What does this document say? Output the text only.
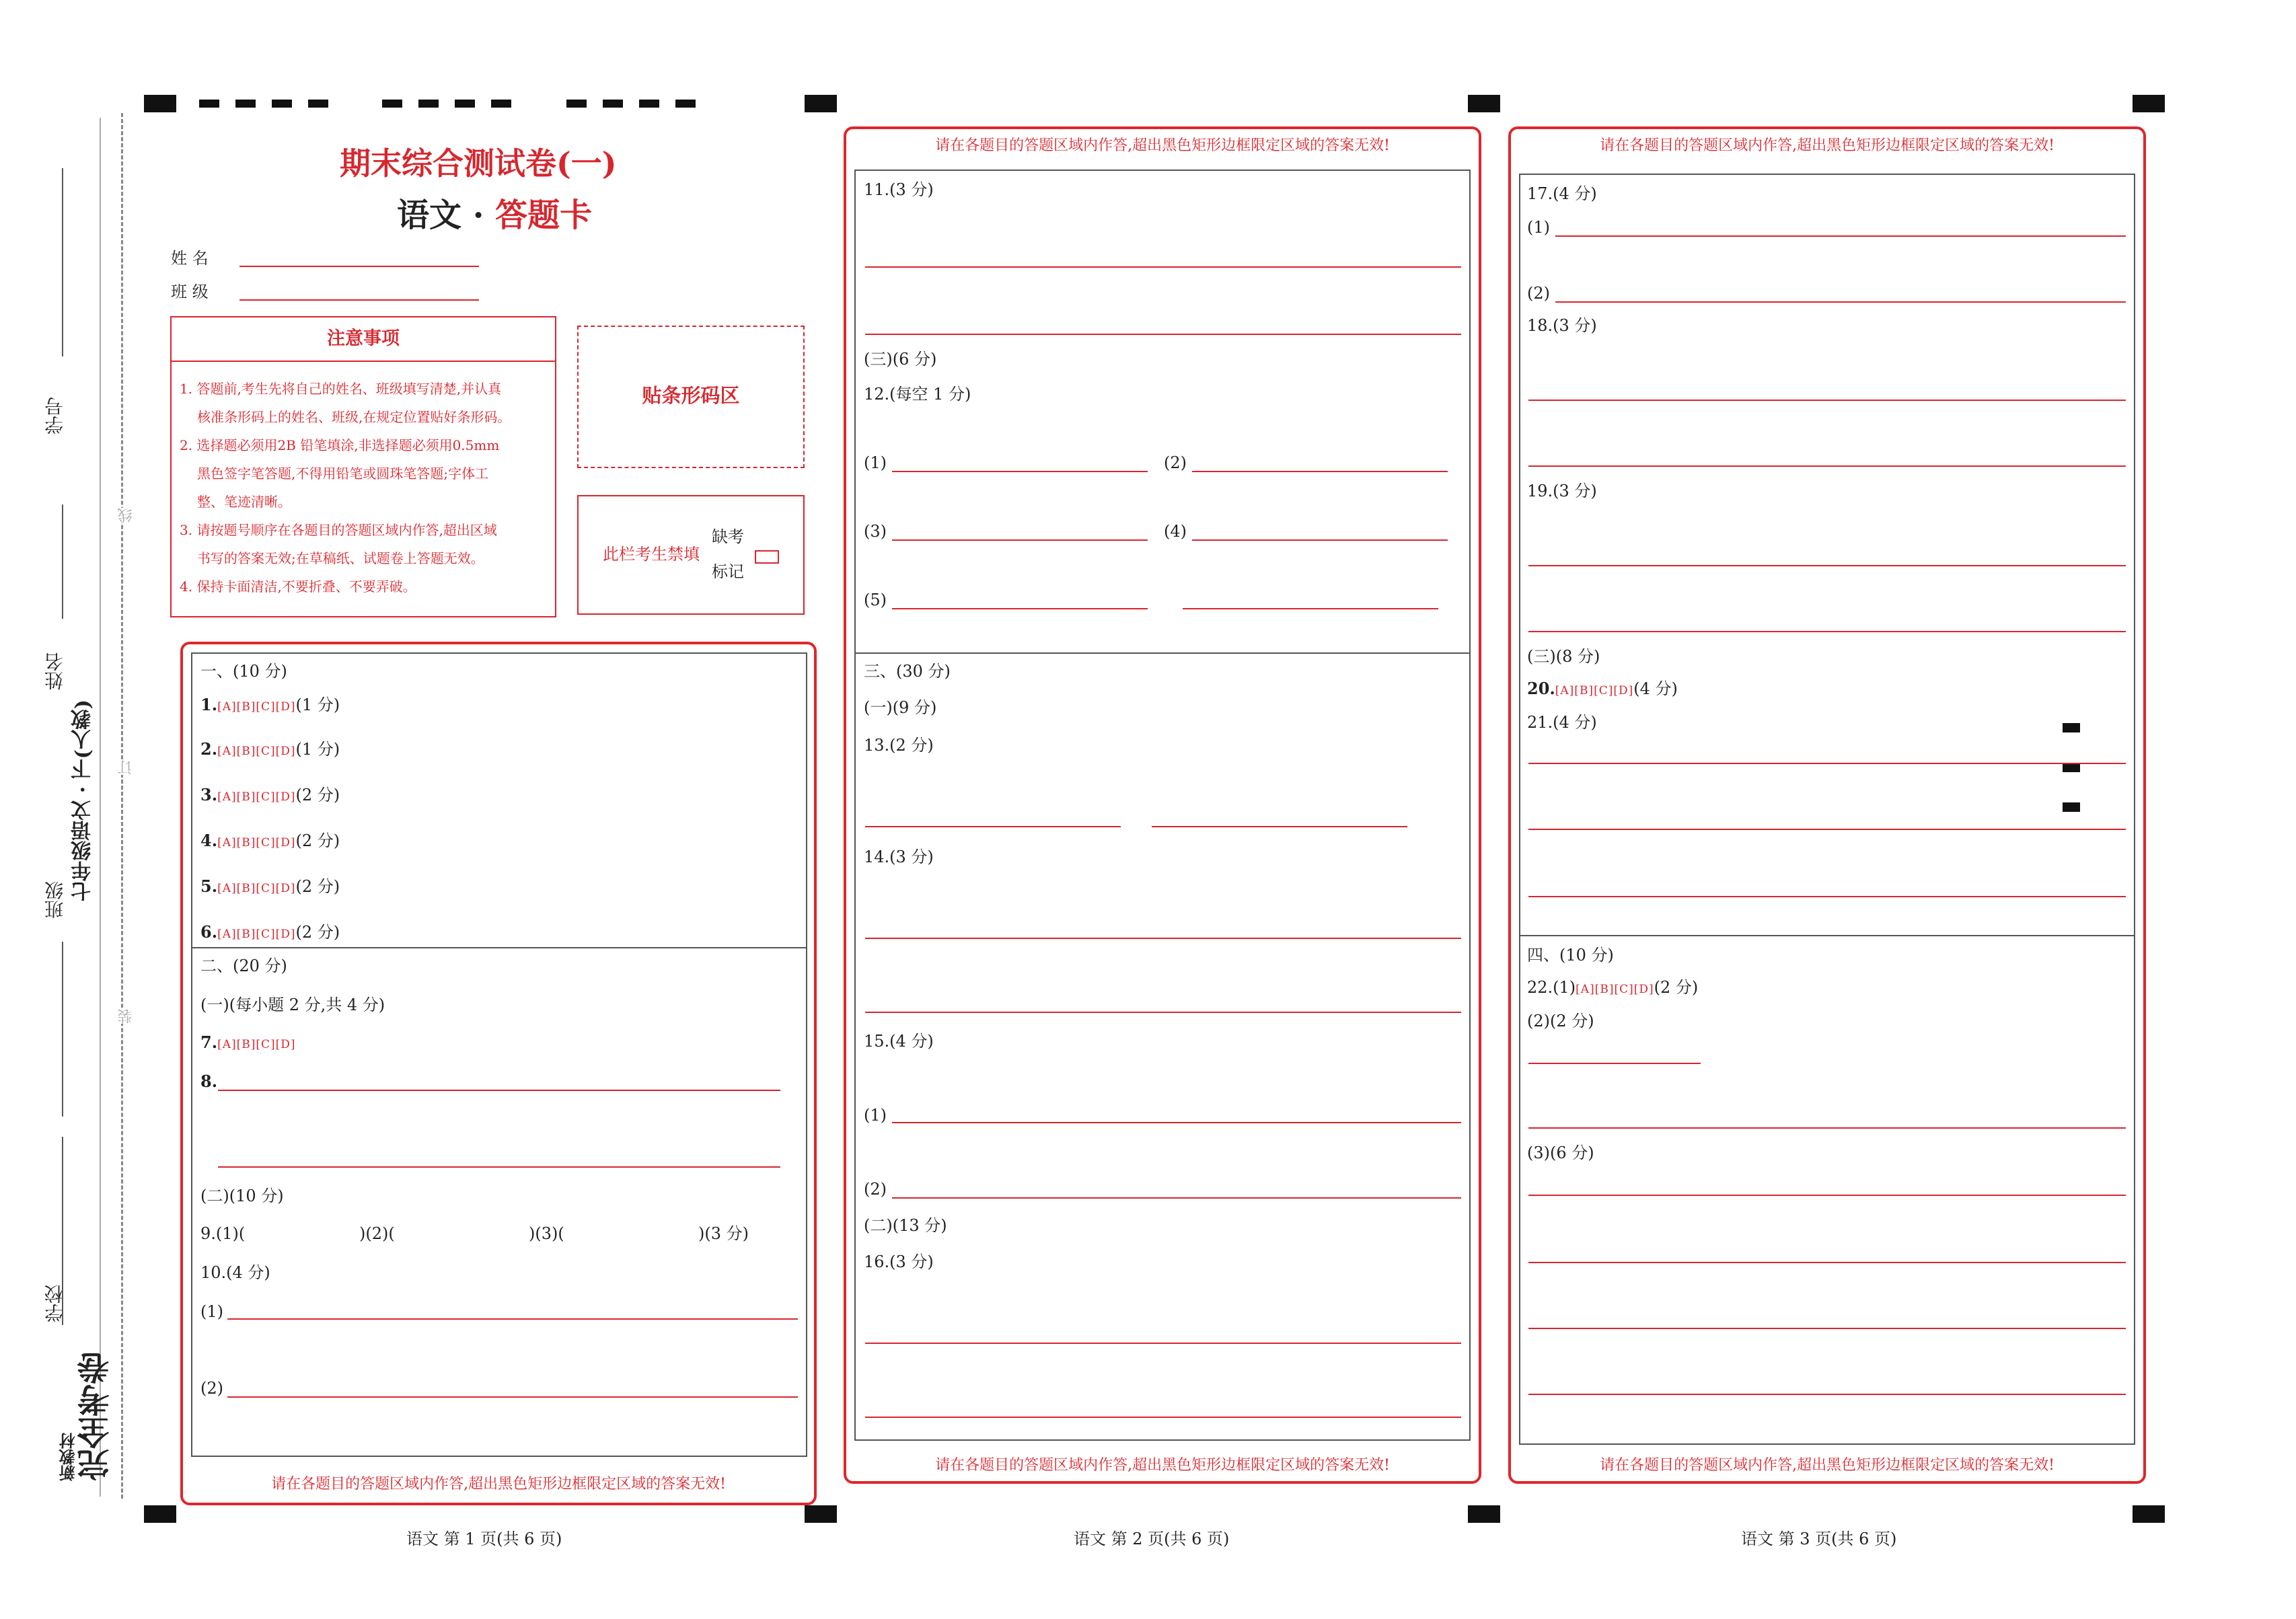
学号
姓名
班级
学校
七年级语文 · 下(人教)
线
订
装
新教材 完全考卷
期末综合测试卷(一)
语文 · 答题卡
姓 名
班 级
注意事项
1. 答题前,考生先将自己的姓名、班级填写清楚,并认真
核准条形码上的姓名、班级,在规定位置贴好条形码。
2. 选择题必须用2B 铅笔填涂,非选择题必须用0.5mm
黑色签字笔答题,不得用铅笔或圆珠笔答题;字体工
整、笔迹清晰。
3. 请按题号顺序在各题目的答题区域内作答,超出区域
书写的答案无效;在草稿纸、试题卷上答题无效。
4. 保持卡面清洁,不要折叠、不要弄破。
贴条形码区
此栏考生禁填
缺考
标记
一、(10 分)
1.[A][B][C][D](1 分)
2.[A][B][C][D](1 分)
3.[A][B][C][D](2 分)
4.[A][B][C][D](2 分)
5.[A][B][C][D](2 分)
6.[A][B][C][D](2 分)
二、(20 分)
(一)(每小题 2 分,共 4 分)
7.[A][B][C][D]
8.
(二)(10 分)
9.(1)(	)(2)(	)(3)(	)(3 分)
10.(4 分)
(1)
(2)
请在各题目的答题区域内作答,超出黑色矩形边框限定区域的答案无效!
语文 第 1 页(共 6 页)
请在各题目的答题区域内作答,超出黑色矩形边框限定区域的答案无效!
11.(3 分)
(三)(6 分)
12.(每空 1 分)
(1)	(2)
(3)	(4)
(5)
三、(30 分)
(一)(9 分)
13.(2 分)
14.(3 分)
15.(4 分)
(1)
(2)
(二)(13 分)
16.(3 分)
请在各题目的答题区域内作答,超出黑色矩形边框限定区域的答案无效!
语文 第 2 页(共 6 页)
请在各题目的答题区域内作答,超出黑色矩形边框限定区域的答案无效!
17.(4 分)
(1)
(2)
18.(3 分)
19.(3 分)
(三)(8 分)
20.[A][B][C][D](4 分)
21.(4 分)
四、(10 分)
22.(1)[A][B][C][D](2 分)
(2)(2 分)
(3)(6 分)
请在各题目的答题区域内作答,超出黑色矩形边框限定区域的答案无效!
语文 第 3 页(共 6 页)
